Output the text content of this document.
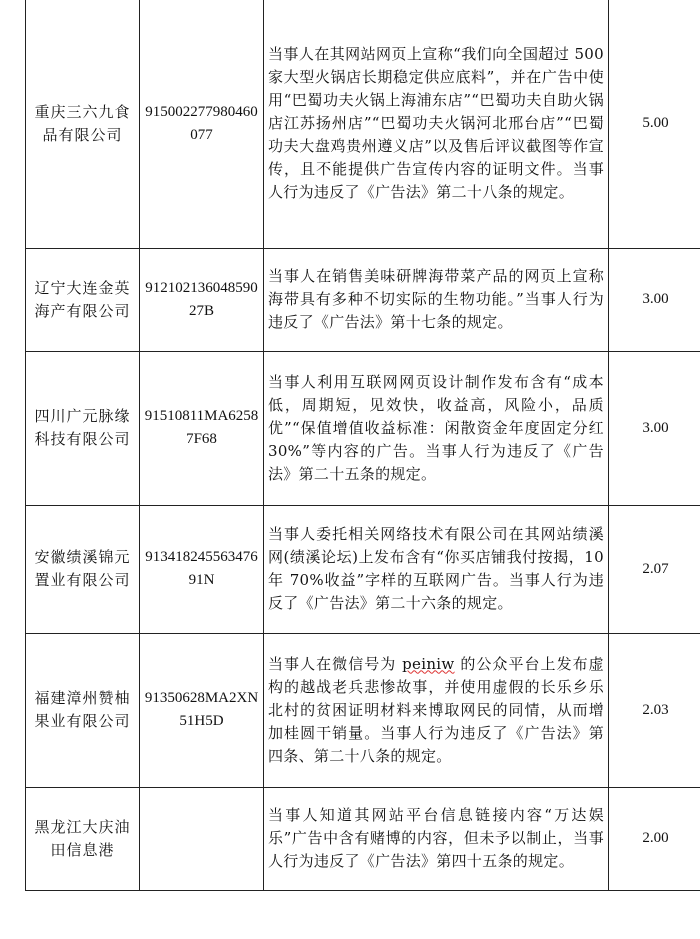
重庆三六九食品有限公司	915002277980460077	当事人在其网站网页上宣称“我们向全国超过 500 家大型火锅店长期稳定供应底料”，并在广告中使用“巴蜀功夫火锅上海浦东店”“巴蜀功夫自助火锅店江苏扬州店”“巴蜀功夫火锅河北邢台店”“巴蜀功夫大盘鸡贵州遵义店”以及售后评议截图等作宣传，且不能提供广告宣传内容的证明文件。当事人行为违反了《广告法》第二十八条的规定。	5.00
辽宁大连金英海产有限公司	91210213604859027B	当事人在销售美味研牌海带菜产品的网页上宣称海带具有多种不切实际的生物功能。”当事人行为违反了《广告法》第十七条的规定。	3.00
四川广元脉缘科技有限公司	91510811MA62587F68	当事人利用互联网网页设计制作发布含有“成本低，周期短，见效快，收益高，风险小，品质优”“保值增值收益标准：闲散资金年度固定分红 30%”等内容的广告。当事人行为违反了《广告法》第二十五条的规定。	3.00
安徽绩溪锦元置业有限公司	91341824556347691N	当事人委托相关网络技术有限公司在其网站绩溪网(绩溪论坛)上发布含有“你买店铺我付按揭，10 年 70%收益”字样的互联网广告。当事人行为违反了《广告法》第二十六条的规定。	2.07
福建漳州赞柚果业有限公司	91350628MA2XN51H5D	当事人在微信号为 peiniw 的公众平台上发布虚构的越战老兵悲惨故事，并使用虚假的长乐乡乐北村的贫困证明材料来博取网民的同情，从而增加桂圆干销量。当事人行为违反了《广告法》第四条、第二十八条的规定。	2.03
黑龙江大庆油田信息港		当事人知道其网站平台信息链接内容“万达娱乐”广告中含有赌博的内容，但未予以制止，当事人行为违反了《广告法》第四十五条的规定。	2.00
